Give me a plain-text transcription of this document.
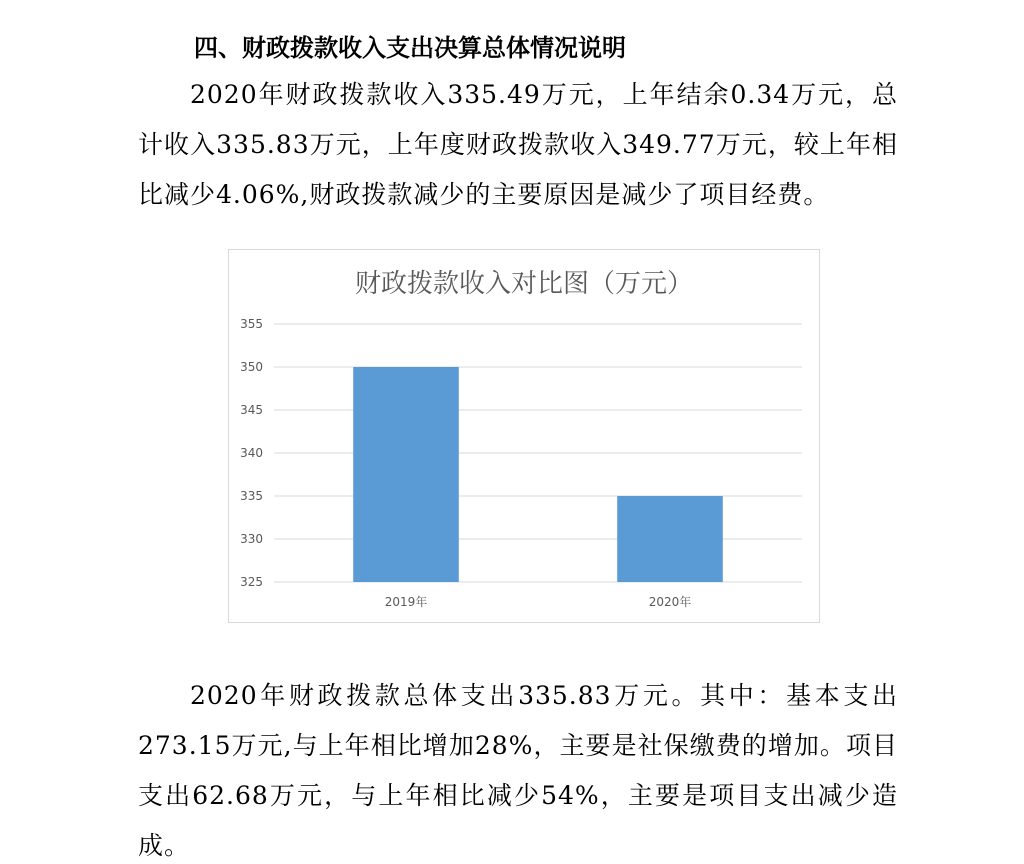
四、财政拨款收入支出决算总体情况说明

2020年财政拨款收入335.49万元，上年结余0.34万元，总计收入335.83万元，上年度财政拨款收入349.77万元，较上年相比减少4.06%,财政拨款减少的主要原因是减少了项目经费。

财政拨款收入对比图（万元）
325
330
335
340
345
350
355
2019年	2020年

2020年财政拨款总体支出335.83万元。其中：基本支出273.15万元,与上年相比增加28%，主要是社保缴费的增加。项目支出62.68万元，与上年相比减少54%，主要是项目支出减少造成。
